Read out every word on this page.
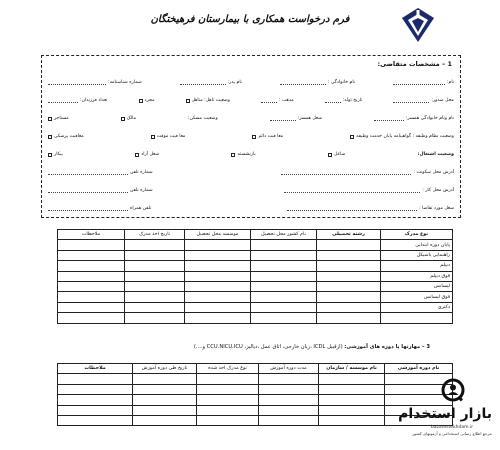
فرم درخواست همکاری با بیمارستان فرهیختگان
1 – مشخصات متقاضی:
نام:
نام خانوادگی :
نام پدر:
شماره شناسنامه:
محل صدور:
تاریخ تولد:
مذهب :
وضعیت تاهل: متاهل
مجرد
تعداد فرزندان:
نام ونام خانوادگی همسر:
شغل همسر:
وضعیت مسکن:
مالک
مستاجر
وضعیت نظام وظیفه : گواهینامه پایان خدمت وظیفه
معا فیت دائم
معا فیت موقت
معافیت پزشکی
وضعیت اشتغال:
شاغل
بازنشسته
شغل آزاد
بیکار
آدرس محل سکونت :
شماره تلفن
آدرس محل کار :
شماره تلفن
شغل مورد تقاضا :
تلفن همراه
نوع مدرک	رشته تحصیلی	نام کشور محل تحصیل	موسسه محل تحصیل	تاریخ اخذ مدرک	ملاحظات
پایان دوره ابتدایی					
راهنمایی یاسیکل					
دیپلم					
فوق دیپلم					
لیسانس					
فوق لیسانس					
دکتری					

3 – مهارتها یا دوره های آموزشی: (ازقبیل ICDL ،زبان خارجی، اتاق عمل ،دیالیز، CCU.NICU.ICU و....)
نام دوره آموزشی	نام موسسه / سازمان	مدت دوره آموزش	نوع مدرک اخذ شده	تاریخ طی دوره آموزش	ملاحظات

بازار استخدام
bazarestekhdam.ir
مرجع اطلاع رسانی استخدامی و آزمونهای کشور
